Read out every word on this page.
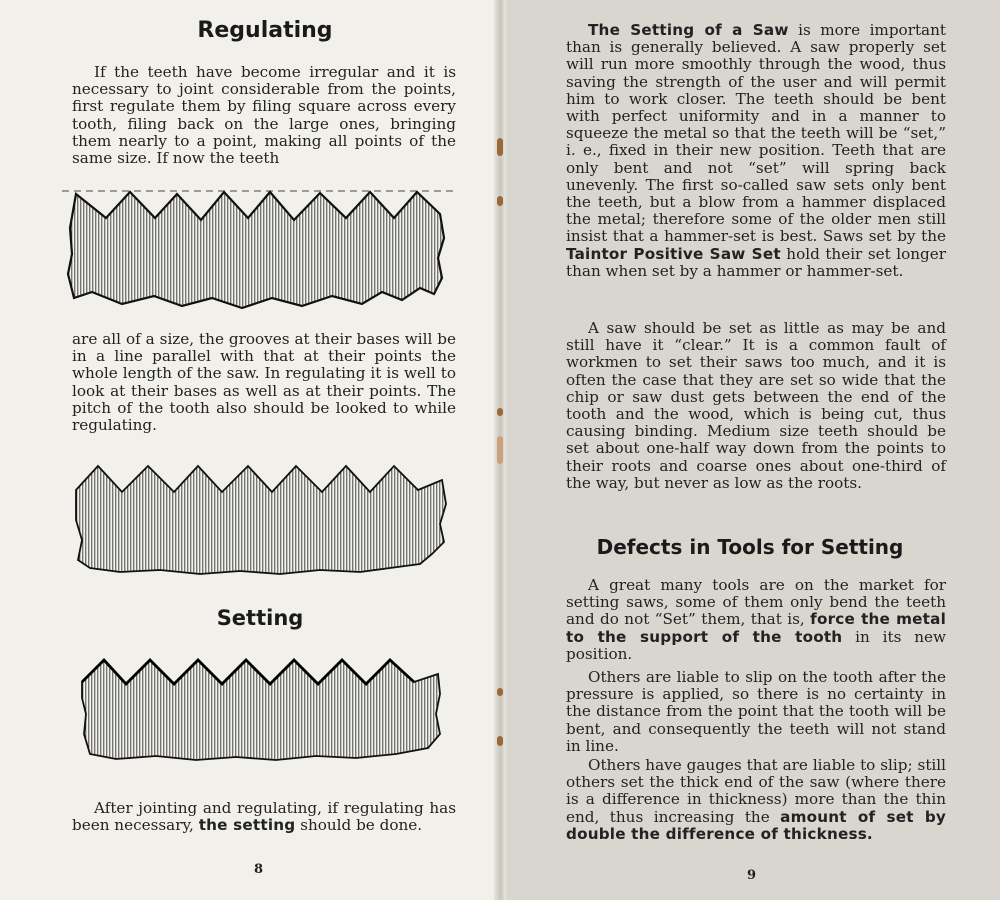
Regulating

If the teeth have become irregular and it is necessary to joint considerable from the points, first regulate them by filing square across every tooth, filing back on the large ones, bringing them nearly to a point, making all points of the same size. If now the teeth

are all of a size, the grooves at their bases will be in a line parallel with that at their points the whole length of the saw. In regulating it is well to look at their bases as well as at their points. The pitch of the tooth also should be looked to while regulating.

Setting

After jointing and regulating, if regulating has been necessary, the setting should be done.

8

The Setting of a Saw is more important than is generally believed. A saw properly set will run more smoothly through the wood, thus saving the strength of the user and will permit him to work closer. The teeth should be bent with perfect uniformity and in a manner to squeeze the metal so that the teeth will be “set,” i. e., fixed in their new position. Teeth that are only bent and not “set” will spring back unevenly. The first so-called saw sets only bent the teeth, but a blow from a hammer displaced the metal; therefore some of the older men still insist that a hammer-set is best. Saws set by the Taintor Positive Saw Set hold their set longer than when set by a hammer or hammer-set.

A saw should be set as little as may be and still have it “clear.” It is a common fault of workmen to set their saws too much, and it is often the case that they are set so wide that the chip or saw dust gets between the end of the tooth and the wood, which is being cut, thus causing binding. Medium size teeth should be set about one-half way down from the points to their roots and coarse ones about one-third of the way, but never as low as the roots.

Defects in Tools for Setting

A great many tools are on the market for setting saws, some of them only bend the teeth and do not “Set” them, that is, force the metal to the support of the tooth in its new position.

Others are liable to slip on the tooth after the pressure is applied, so there is no certainty in the distance from the point that the tooth will be bent, and consequently the teeth will not stand in line.

Others have gauges that are liable to slip; still others set the thick end of the saw (where there is a difference in thickness) more than the thin end, thus increasing the amount of set by double the difference of thickness.

9
